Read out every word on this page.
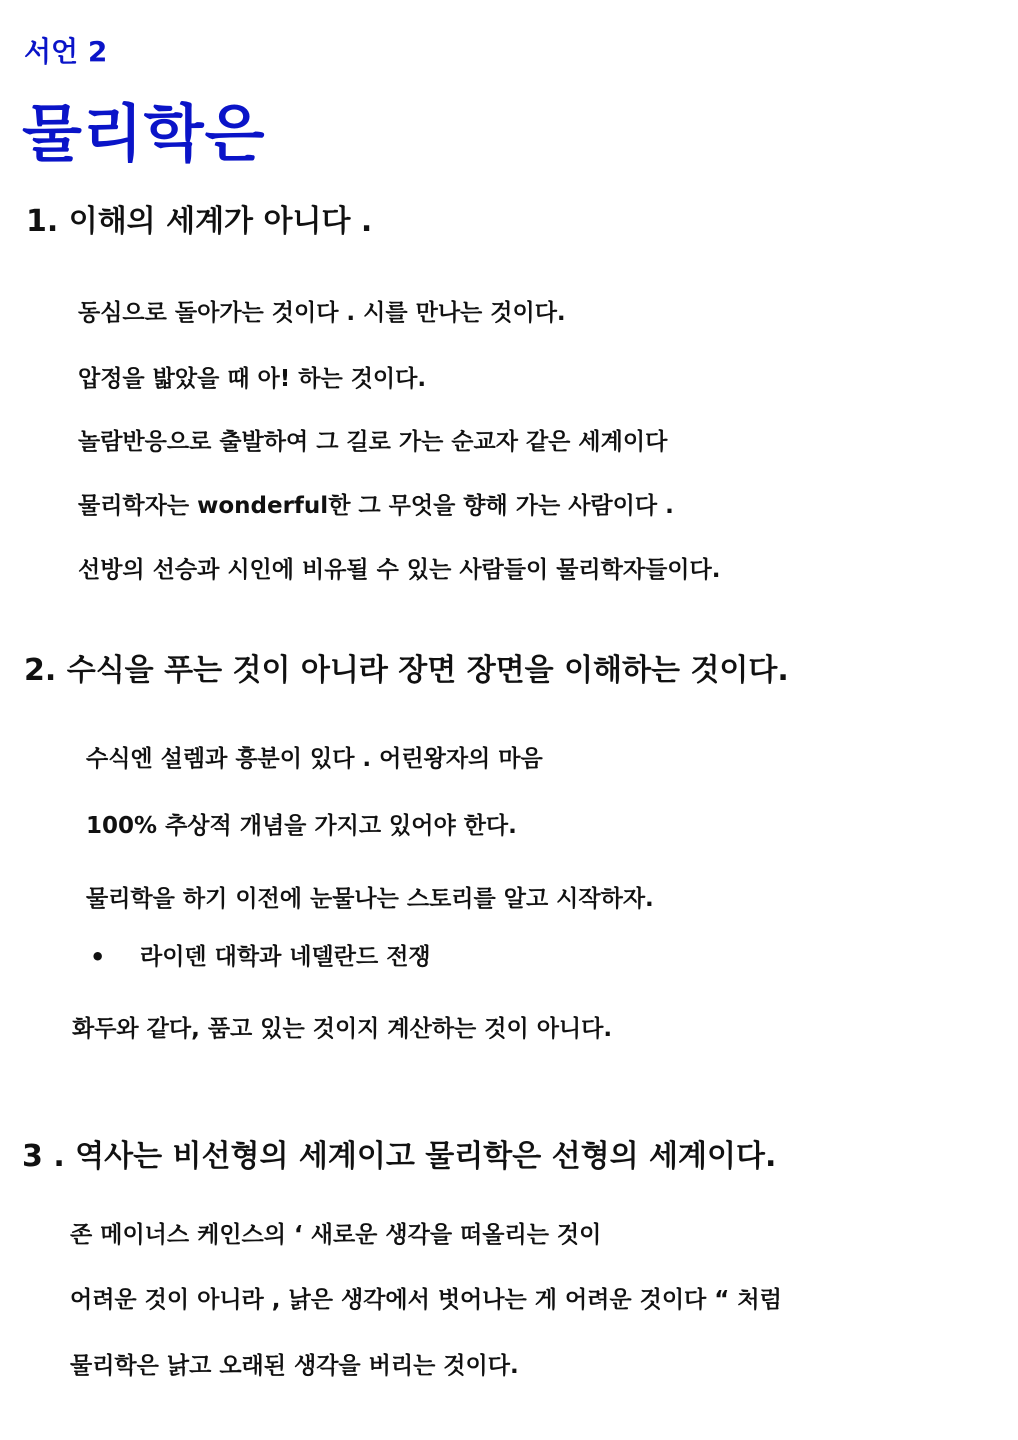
서언 2
물리학은
1. 이해의 세계가 아니다 .

동심으로 돌아가는 것이다 . 시를 만나는 것이다.

압정을 밟았을 때 아! 하는 것이다.

놀람반응으로 출발하여 그 길로 가는 순교자 같은 세계이다

물리학자는 wonderful한 그 무엇을 향해 가는 사람이다 .

선방의 선승과 시인에 비유될 수 있는 사람들이 물리학자들이다.

2. 수식을 푸는 것이 아니라 장면 장면을 이해하는 것이다.

수식엔 설렘과 흥분이 있다 . 어린왕자의 마음

100% 추상적 개념을 가지고 있어야 한다.

물리학을 하기 이전에 눈물나는 스토리를 알고 시작하자.

• 라이덴 대학과 네델란드 전쟁

화두와 같다, 품고 있는 것이지 계산하는 것이 아니다.

3 . 역사는 비선형의 세계이고 물리학은 선형의 세계이다.

존 메이너스 케인스의 ‘ 새로운 생각을 떠올리는 것이

어려운 것이 아니라 , 낡은 생각에서 벗어나는 게 어려운 것이다 “ 처럼

물리학은 낡고 오래된 생각을 버리는 것이다.
